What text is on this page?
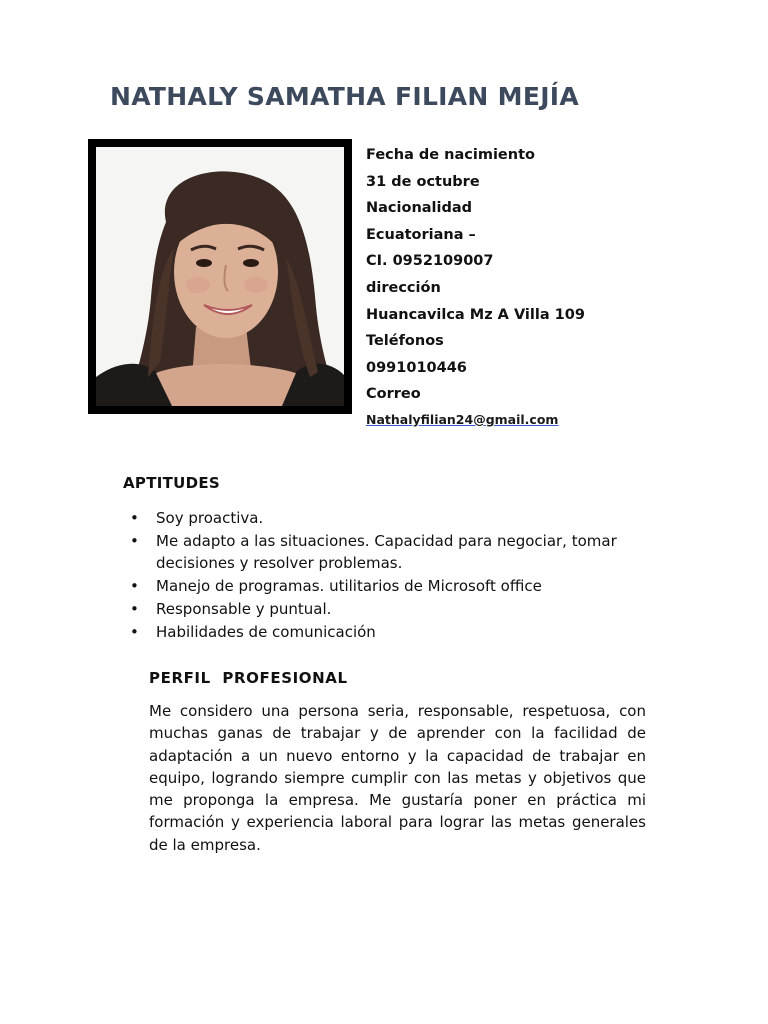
NATHALY SAMATHA FILIAN MEJÍA
Fecha de nacimiento
31 de octubre
Nacionalidad
Ecuatoriana –
CI. 0952109007
dirección
Huancavilca Mz A Villa 109
Teléfonos
0991010446
Correo
Nathalyfilian24@gmail.com
APTITUDES
• Soy proactiva.
• Me adapto a las situaciones. Capacidad para negociar, tomar decisiones y resolver problemas.
• Manejo de programas. utilitarios de Microsoft office
• Responsable y puntual.
• Habilidades de comunicación
PERFIL  PROFESIONAL

Me considero una persona seria, responsable, respetuosa, con muchas ganas de trabajar y de aprender con la facilidad de adaptación a un nuevo entorno y la capacidad de trabajar en equipo, logrando siempre cumplir con las metas y objetivos que me proponga la empresa. Me gustaría poner en práctica mi formación y experiencia laboral para lograr las metas generales de la empresa.
